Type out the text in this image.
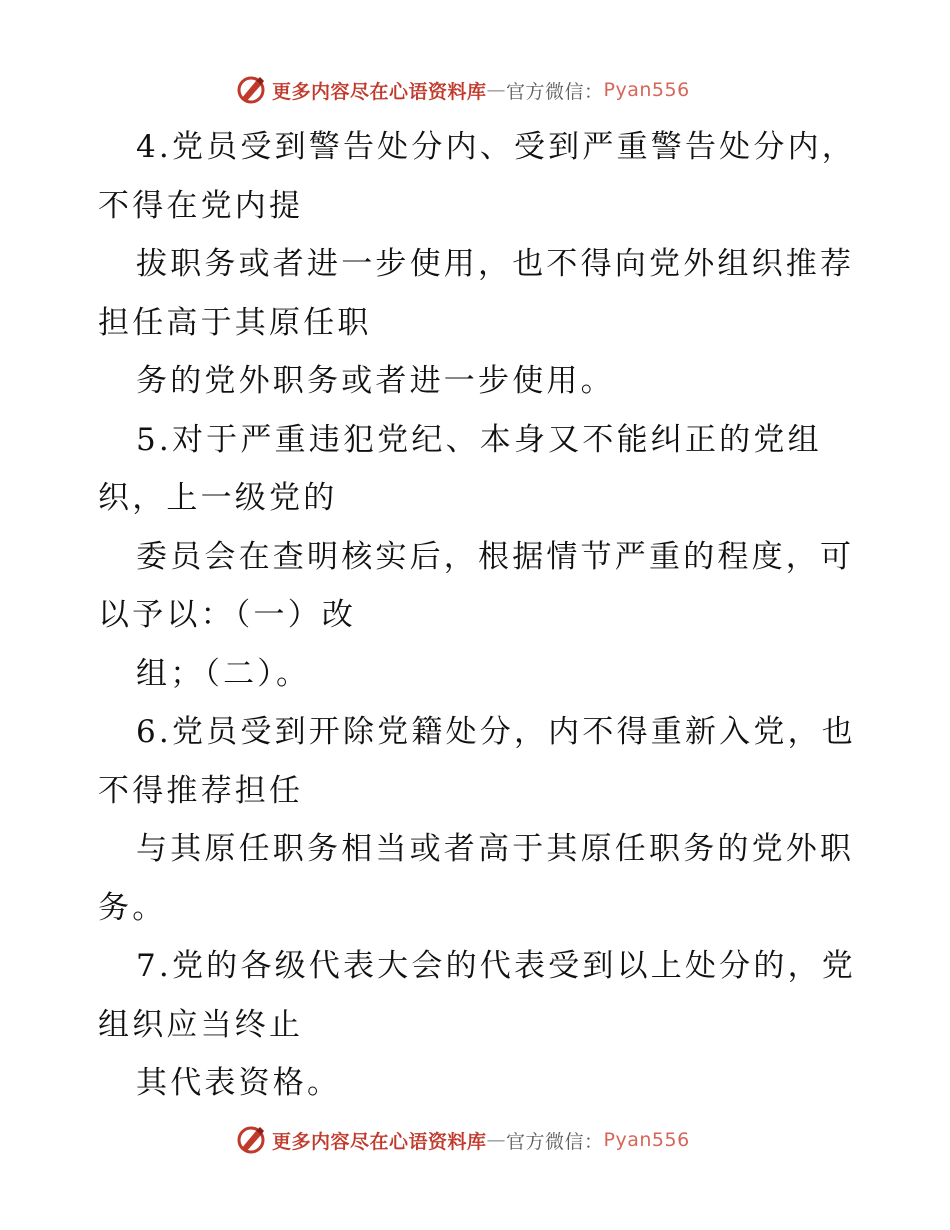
更多内容尽在心语资料库 — 官方微信： Pyan556
4.党员受到警告处分内、受到严重警告处分内，
不得在党内提
拔职务或者进一步使用，也不得向党外组织推荐
担任高于其原任职
务的党外职务或者进一步使用。
5.对于严重违犯党纪、本身又不能纠正的党组
织，上一级党的
委员会在查明核实后，根据情节严重的程度，可
以予以：（一）改
组；（二）。
6.党员受到开除党籍处分，内不得重新入党，也
不得推荐担任
与其原任职务相当或者高于其原任职务的党外职
务。
7.党的各级代表大会的代表受到以上处分的，党
组织应当终止
其代表资格。
更多内容尽在心语资料库 — 官方微信： Pyan556
